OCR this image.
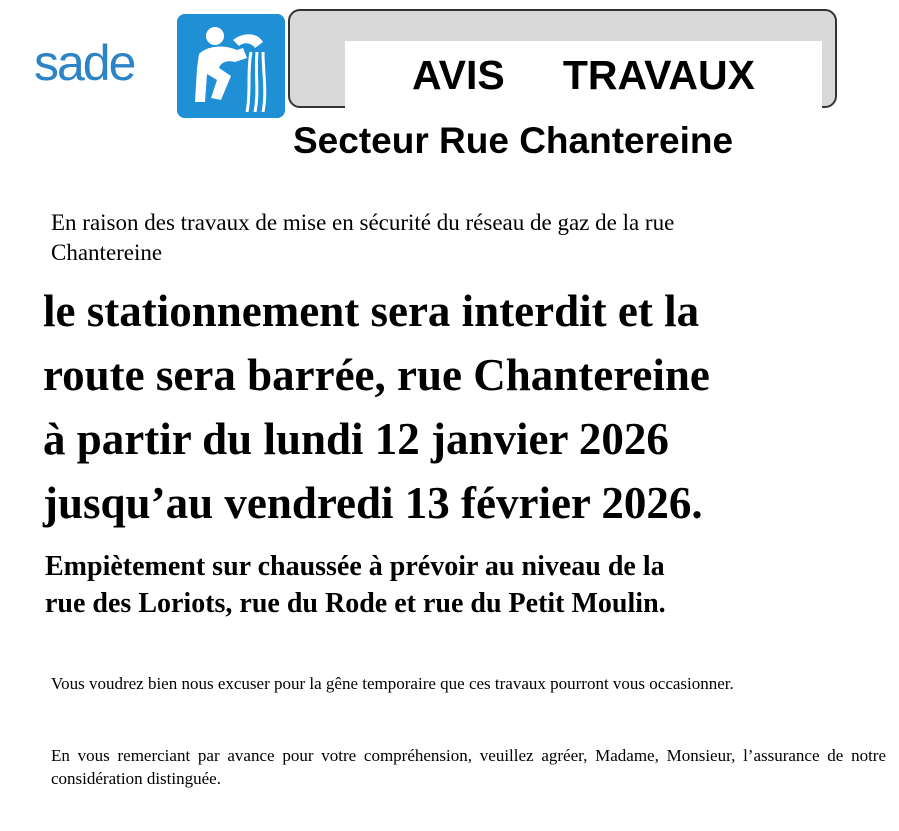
sade	AVIS   TRAVAUX
Secteur Rue Chantereine
En raison des travaux de mise en sécurité du réseau de gaz de la rue
Chantereine
le stationnement sera interdit et la
route sera barrée, rue Chantereine
à partir du lundi 12 janvier 2026
jusqu’au vendredi 13 février 2026.
Empiètement sur chaussée à prévoir au niveau de la
rue des Loriots, rue du Rode et rue du Petit Moulin.
Vous voudrez bien nous excuser pour la gêne temporaire que ces travaux pourront vous occasionner.
En vous remerciant par avance pour votre compréhension, veuillez agréer, Madame, Monsieur, l’assurance de notre considération distinguée.
